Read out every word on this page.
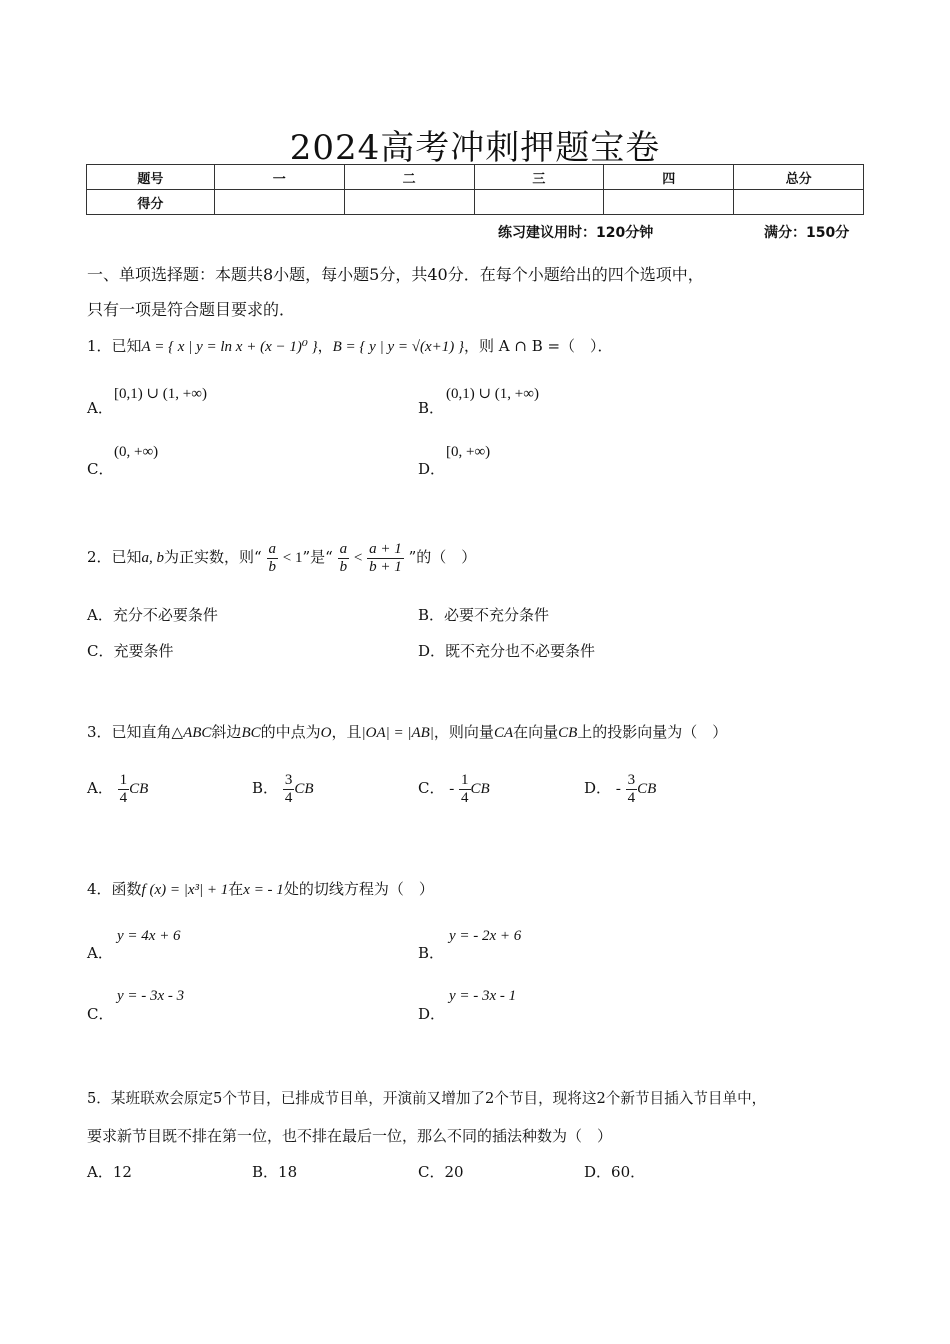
2024高考冲刺押题宝卷
题号	一	二	三	四	总分
得分					
练习建议用时：120分钟	满分：150分
一、单项选择题：本题共8小题，每小题5分，共40分．在每个小题给出的四个选项中，
只有一项是符合题目要求的．
1．已知A = { x | y = ln x + (x − 1)⁰ }，B = { y | y = √(x+1) }，则 A ∩ B =（　）．
A．
[0,1) ∪ (1, +∞)
B．
(0,1) ∪ (1, +∞)
C．
(0, +∞)
D．
[0, +∞)
2．已知a, b为正实数，则“ $\frac{a}{b} < 1$”是“ $\frac{a}{b} < \frac{a + 1}{b + 1}$ ”的（　）
A．充分不必要条件	B．必要不充分条件
C．充要条件	D．既不充分也不必要条件
3．已知直角△ABC斜边BC的中点为O，且|OA| = |AB|，则向量CA在向量CB上的投影向量为（　）
A． $\frac{1}{4}$ CB	B． $\frac{3}{4}$ CB	C． - $\frac{1}{4}$ CB	D． - $\frac{3}{4}$ CB
4．函数f (x) = |x³| + 1在x = - 1处的切线方程为（　）
A．
y = 4x + 6
B．
y = - 2x + 6
C．
y = - 3x - 3
D．
y = - 3x - 1
5．某班联欢会原定5个节目，已排成节目单，开演前又增加了2个节目，现将这2个新节目插入节目单中，
要求新节目既不排在第一位，也不排在最后一位，那么不同的插法种数为（　）
A．12	B．18	C．20	D．60．
